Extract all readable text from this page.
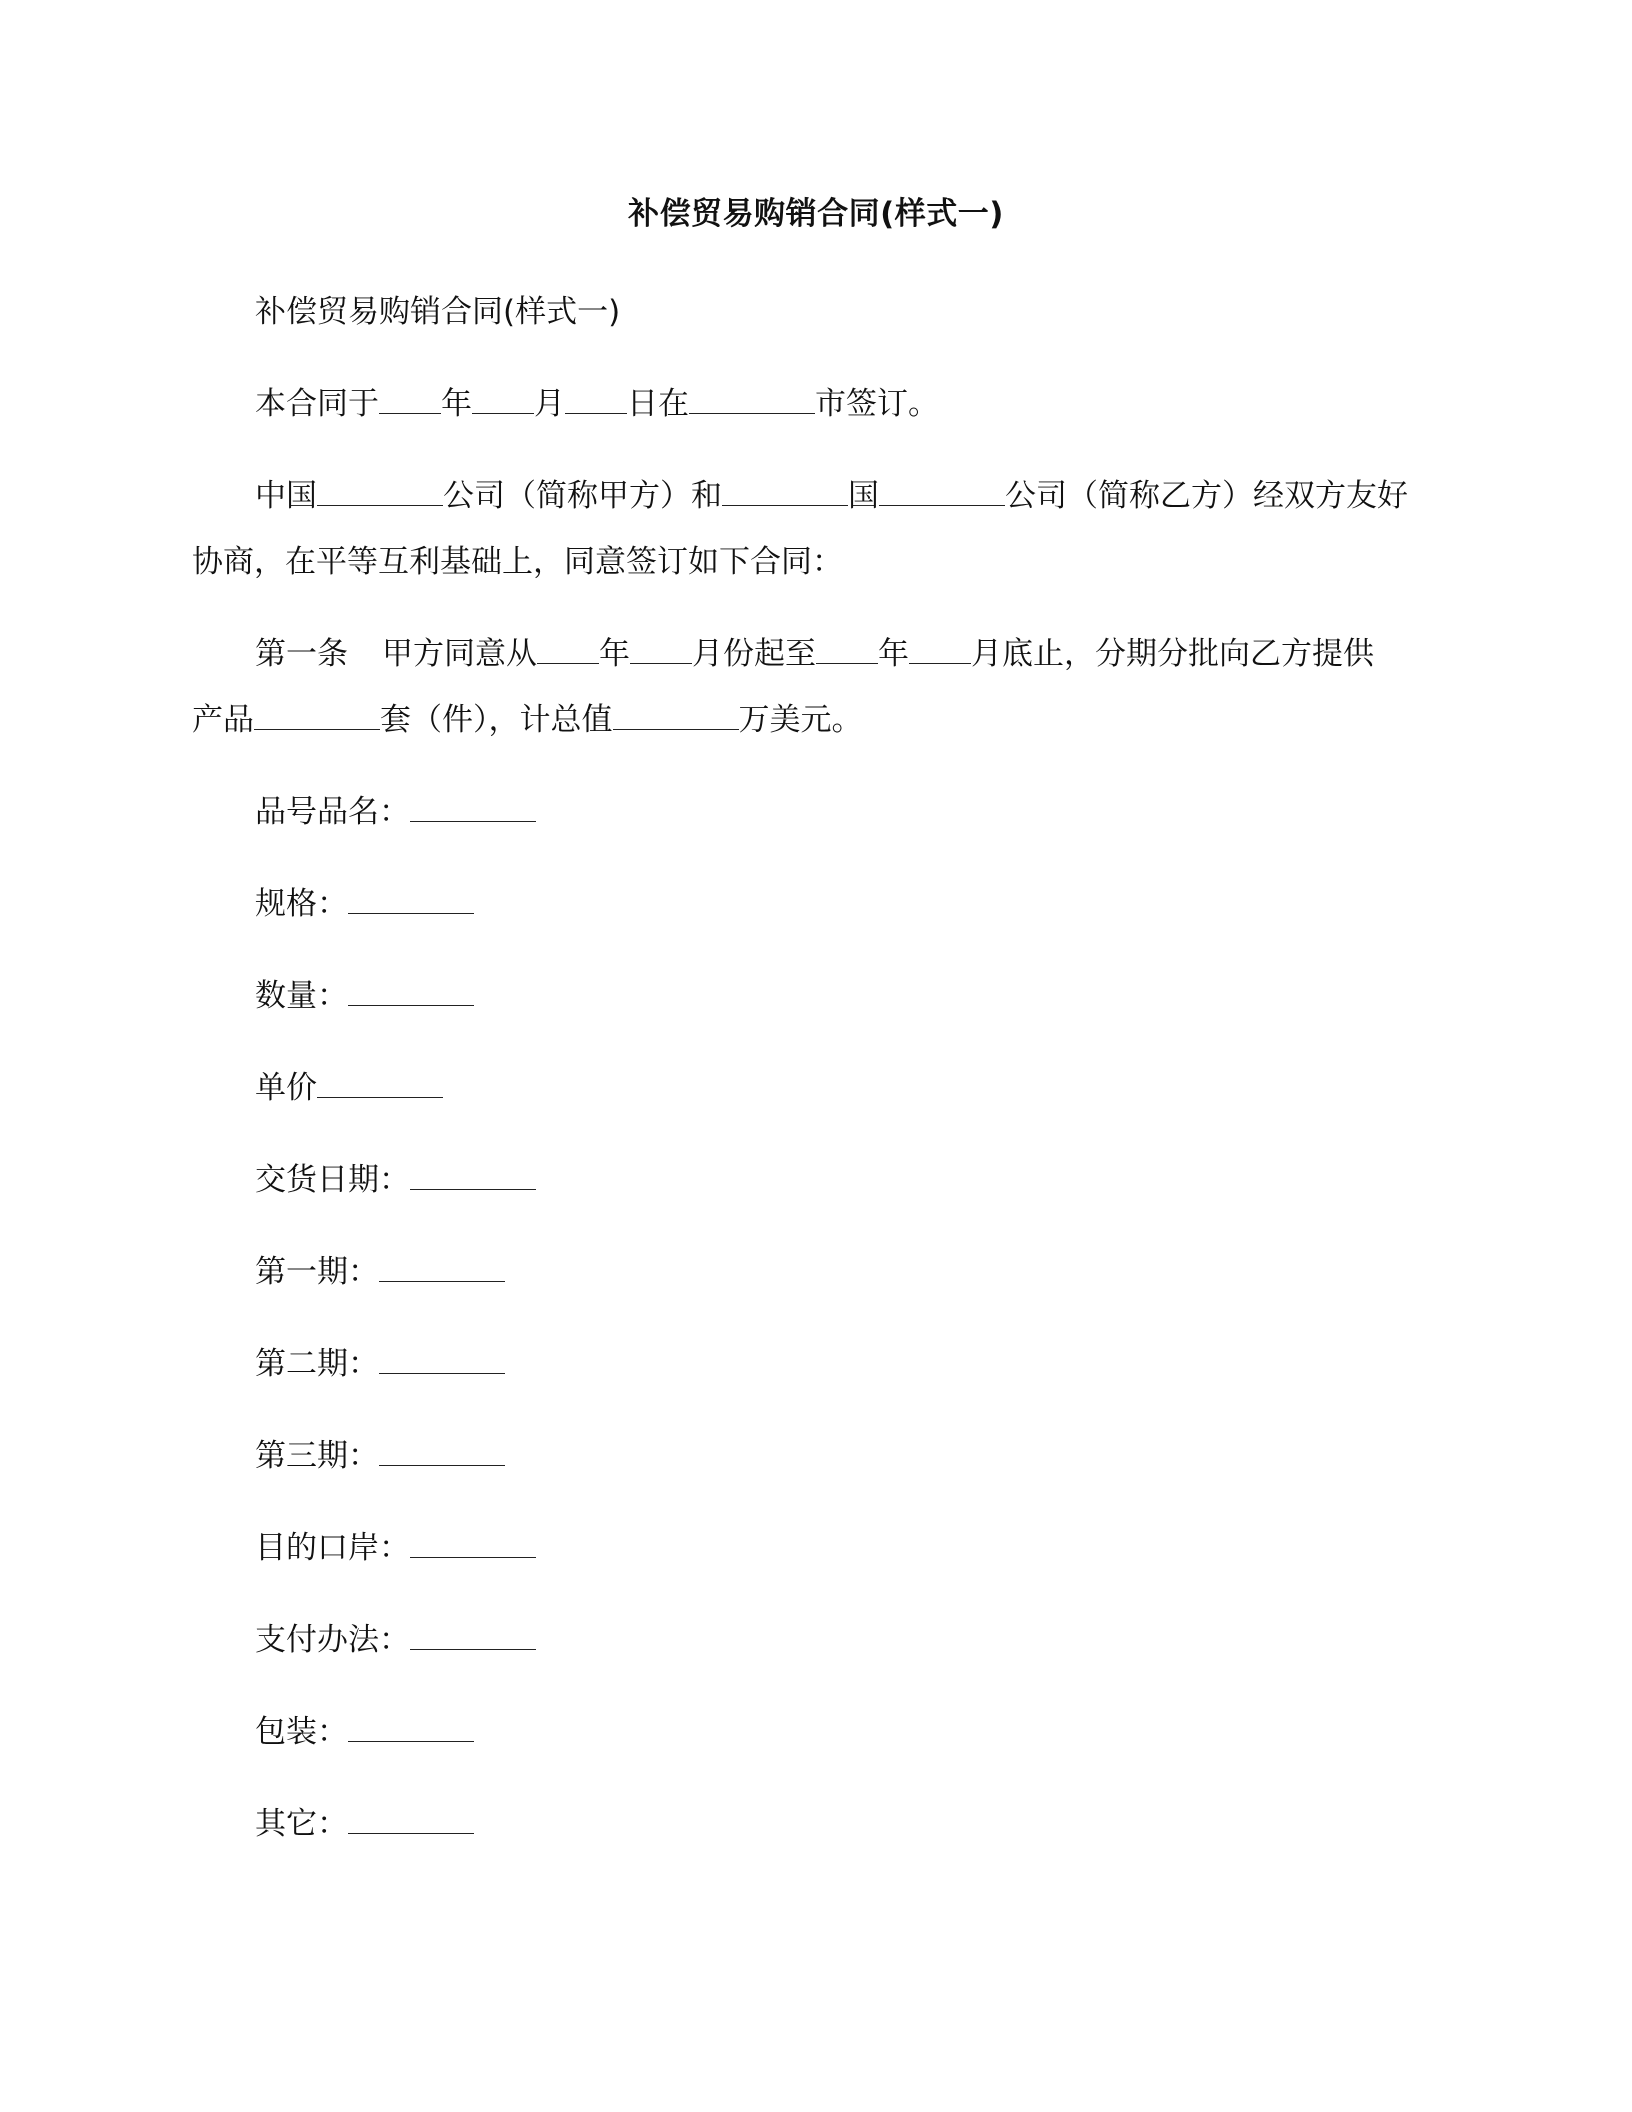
补偿贸易购销合同(样式一)
补偿贸易购销合同(样式一)
本合同于 年 月 日在	市签订。
中国	公司（简称甲方）和	国	公司（简称乙方）经双方友好
协商，在平等互利基础上，同意签订如下合同：
第一条 甲方同意从 年 月份起至 年 月底止，分期分批向乙方提供
产品	套（件），计总值	万美元。
品号品名：
规格：
数量：
单价
交货日期：
第一期：
第二期：
第三期：
目的口岸：
支付办法：
包装：
其它：
